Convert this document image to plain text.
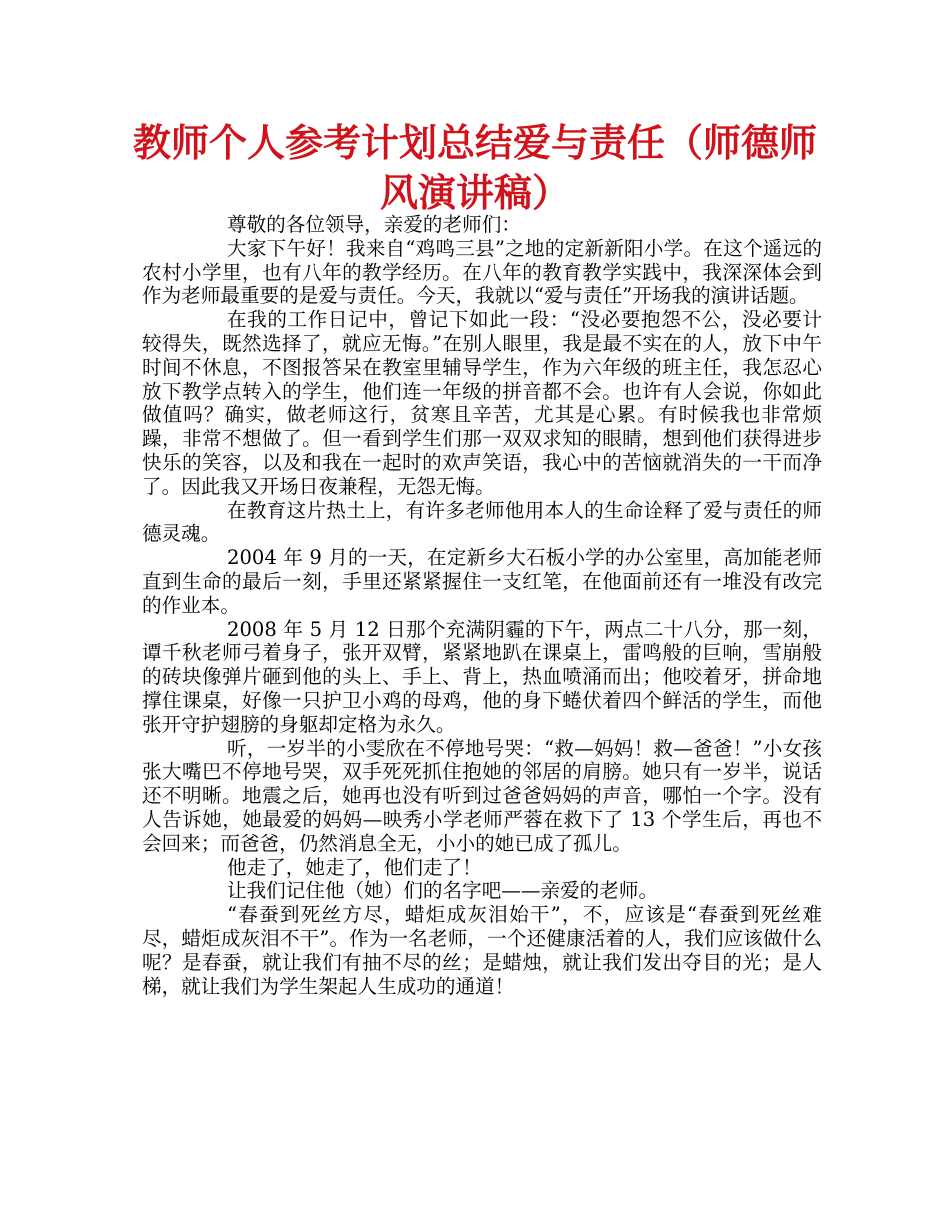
教师个人参考计划总结爱与责任（师德师风演讲稿）

尊敬的各位领导，亲爱的老师们：

大家下午好！我来自“鸡鸣三县”之地的定新新阳小学。在这个遥远的农村小学里，也有八年的教学经历。在八年的教育教学实践中，我深深体会到作为老师最重要的是爱与责任。今天，我就以“爱与责任”开场我的演讲话题。

在我的工作日记中，曾记下如此一段：“没必要抱怨不公，没必要计较得失，既然选择了，就应无悔。”在别人眼里，我是最不实在的人，放下中午时间不休息，不图报答呆在教室里辅导学生，作为六年级的班主任，我怎忍心放下教学点转入的学生，他们连一年级的拼音都不会。也许有人会说，你如此做值吗？确实，做老师这行，贫寒且辛苦，尤其是心累。有时候我也非常烦躁，非常不想做了。但一看到学生们那一双双求知的眼睛，想到他们获得进步快乐的笑容，以及和我在一起时的欢声笑语，我心中的苦恼就消失的一干而净了。因此我又开场日夜兼程，无怨无悔。

在教育这片热土上，有许多老师他用本人的生命诠释了爱与责任的师德灵魂。

2004 年 9 月的一天，在定新乡大石板小学的办公室里，高加能老师直到生命的最后一刻，手里还紧紧握住一支红笔，在他面前还有一堆没有改完的作业本。

2008 年 5 月 12 日那个充满阴霾的下午，两点二十八分，那一刻，谭千秋老师弓着身子，张开双臂，紧紧地趴在课桌上，雷鸣般的巨响，雪崩般的砖块像弹片砸到他的头上、手上、背上，热血喷涌而出；他咬着牙，拼命地撑住课桌，好像一只护卫小鸡的母鸡，他的身下蜷伏着四个鲜活的学生，而他张开守护翅膀的身躯却定格为永久。

听，一岁半的小雯欣在不停地号哭：“救—妈妈！救—爸爸！”小女孩张大嘴巴不停地号哭，双手死死抓住抱她的邻居的肩膀。她只有一岁半，说话还不明晰。地震之后，她再也没有听到过爸爸妈妈的声音，哪怕一个字。没有人告诉她，她最爱的妈妈—映秀小学老师严蓉在救下了 13 个学生后，再也不会回来；而爸爸，仍然消息全无，小小的她已成了孤儿。

他走了，她走了，他们走了！

让我们记住他（她）们的名字吧——亲爱的老师。

“春蚕到死丝方尽，蜡炬成灰泪始干”，不，应该是“春蚕到死丝难尽，蜡炬成灰泪不干”。作为一名老师，一个还健康活着的人，我们应该做什么呢？是春蚕，就让我们有抽不尽的丝；是蜡烛，就让我们发出夺目的光；是人梯，就让我们为学生架起人生成功的通道！
